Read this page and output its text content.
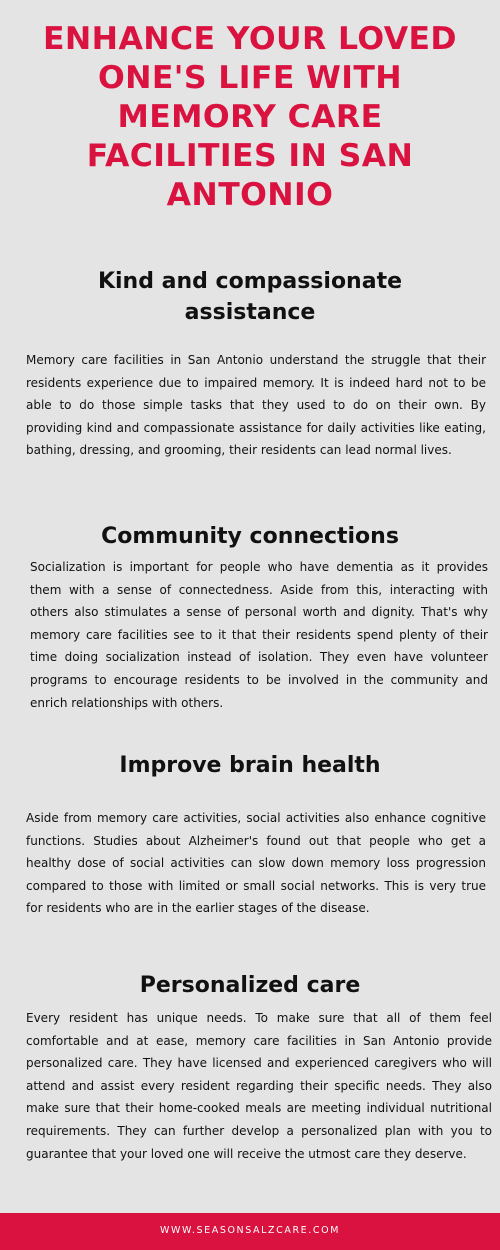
ENHANCE YOUR LOVED ONE'S LIFE WITH MEMORY CARE FACILITIES IN SAN ANTONIO
Kind and compassionate assistance

Memory care facilities in San Antonio understand the struggle that their residents experience due to impaired memory. It is indeed hard not to be able to do those simple tasks that they used to do on their own. By providing kind and compassionate assistance for daily activities like eating, bathing, dressing, and grooming, their residents can lead normal lives.

Community connections

Socialization is important for people who have dementia as it provides them with a sense of connectedness. Aside from this, interacting with others also stimulates a sense of personal worth and dignity. That's why memory care facilities see to it that their residents spend plenty of their time doing socialization instead of isolation. They even have volunteer programs to encourage residents to be involved in the community and enrich relationships with others.

Improve brain health

Aside from memory care activities, social activities also enhance cognitive functions. Studies about Alzheimer's found out that people who get a healthy dose of social activities can slow down memory loss progression compared to those with limited or small social networks. This is very true for residents who are in the earlier stages of the disease.

Personalized care

Every resident has unique needs. To make sure that all of them feel comfortable and at ease, memory care facilities in San Antonio provide personalized care. They have licensed and experienced caregivers who will attend and assist every resident regarding their specific needs. They also make sure that their home-cooked meals are meeting individual nutritional requirements. They can further develop a personalized plan with you to guarantee that your loved one will receive the utmost care they deserve.

WWW.SEASONSALZCARE.COM
